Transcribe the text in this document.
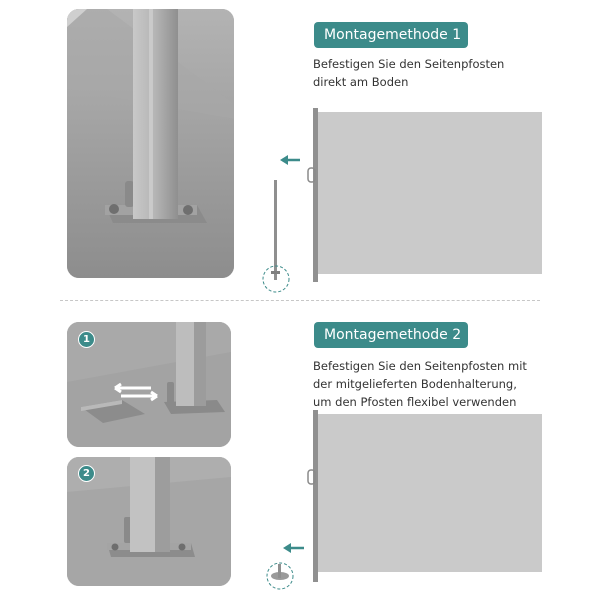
1
2
Montagemethode 1
Befestigen Sie den Seitenpfosten
direkt am Boden
Montagemethode 2
Befestigen Sie den Seitenpfosten mit
der mitgelieferten Bodenhalterung,
um den Pfosten flexibel verwenden
